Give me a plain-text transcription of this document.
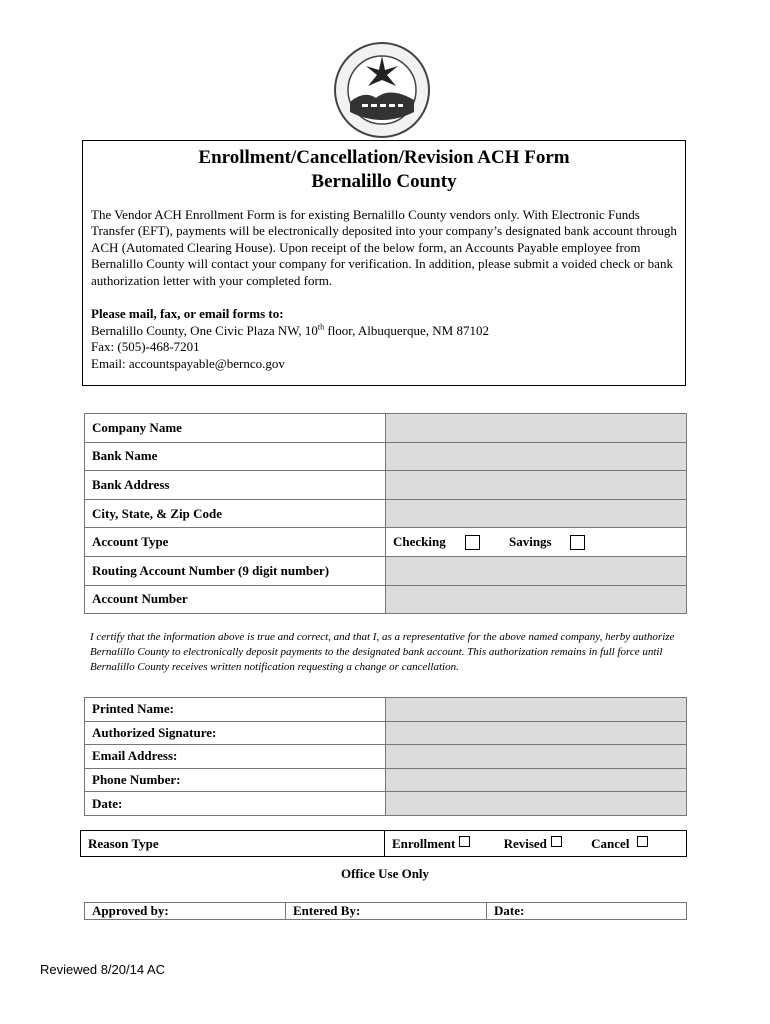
Enrollment/Cancellation/Revision ACH Form
Bernalillo County
The Vendor ACH Enrollment Form is for existing Bernalillo County vendors only. With Electronic Funds Transfer (EFT), payments will be electronically deposited into your company’s designated bank account through ACH (Automated Clearing House). Upon receipt of the below form, an Accounts Payable employee from Bernalillo County will contact your company for verification. In addition, please submit a voided check or bank authorization letter with your completed form.
Please mail, fax, or email forms to:
Bernalillo County, One Civic Plaza NW, 10th floor, Albuquerque, NM 87102
Fax: (505)-468-7201
Email: accountspayable@bernco.gov
Company Name	
Bank Name	
Bank Address	
City, State, & Zip Code	
Account Type	Checking Savings
Routing Account Number (9 digit number)	
Account Number	
I certify that the information above is true and correct, and that I, as a representative for the above named company, herby authorize Bernalillo County to electronically deposit payments to the designated bank account. This authorization remains in full force until Bernalillo County receives written notification requesting a change or cancellation.
Printed Name:	
Authorized Signature:	
Email Address:	
Phone Number:	
Date:	
Reason Type	Enrollment	Revised	Cancel
Office Use Only
Approved by:	Entered By:	Date:
Reviewed 8/20/14 AC
